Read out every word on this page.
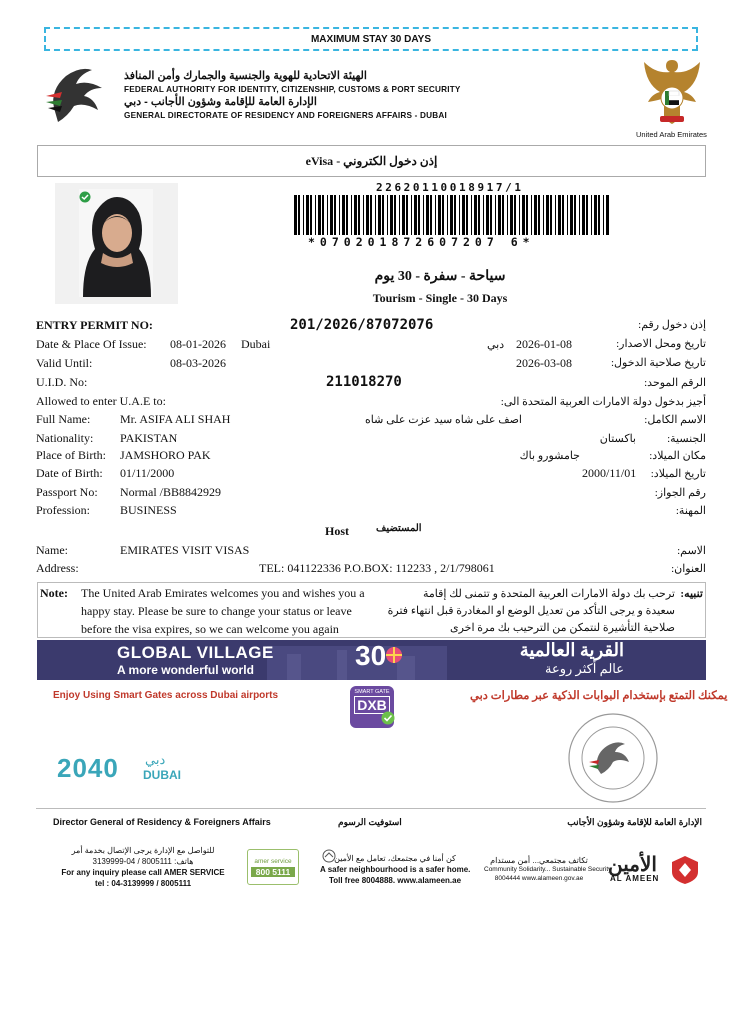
MAXIMUM STAY 30 DAYS
الهيئة الاتحادية للهوية والجنسية والجمارك وأمن المنافذ
FEDERAL AUTHORITY FOR IDENTITY, CITIZENSHIP, CUSTOMS & PORT SECURITY
الإدارة العامة للإقامة وشؤون الأجانب - دبي
GENERAL DIRECTORATE OF RESIDENCY AND FOREIGNERS AFFAIRS - DUBAI
United Arab Emirates
إذن دخول الكتروني - eVisa
22620110018917/1
*070201872607207 6*
سياحة - سفرة - 30 يوم
Tourism - Single - 30 Days
ENTRY PERMIT NO:	201/2026/87072076	إذن دخول رقم:
Date & Place Of Issue: 08-01-2026 Dubai	دبي 2026-01-08	تاريخ ومحل الاصدار:
Valid Until:	08-03-2026	2026-03-08	تاريخ صلاحية الدخول:
U.I.D. No:	211018270	الرقم الموحد:
Allowed to enter U.A.E to:	أجيز بدخول دولة الامارات العربية المتحدة الى:
Full Name: Mr. ASIFA ALI SHAH	اصف على شاه سيد عزت على شاه	الاسم الكامل:
Nationality: PAKISTAN	باكستان	الجنسية:
Place of Birth: JAMSHORO PAK	جامشورو باك	مكان الميلاد:
Date of Birth: 01/11/2000	2000/11/01 تاريخ الميلاد:
Passport No: Normal /BB8842929	رقم الجواز:
Profession:	BUSINESS	المهنة:
Host	المستضيف
Name:	EMIRATES VISIT VISAS	الاسم:
Address:	TEL: 041122336 P.O.BOX: 112233 , 2/1/798061	العنوان:
Note: The United Arab Emirates welcomes you and wishes you a
happy stay. Please be sure to change your status or leave
before the visa expires, so we can welcome you again
تنبيه:
ترحب بك دولة الامارات العربية المتحدة و تتمنى لك إقامة
سعيدة و يرجى التأكد من تعديل الوضع او المغادرة قبل انتهاء فترة
صلاحية التأشيرة لنتمكن من الترحيب بك مرة اخرى
GLOBAL VILLAGE
A more wonderful world	30	القرية العالمية
عالم أكثر روعة
Enjoy Using Smart Gates across Dubai airports	يمكنك التمتع بإستخدام البوابات الذكية عبر مطارات دبي
SMART GATE
DXB
2040 دبي
DUBAI
Director General of Residency & Foreigners Affairs	استوفيت الرسوم	الإدارة العامة للإقامة وشؤون الأجانب
للتواصل مع الإدارة يرجى الإتصال بخدمة أمر
هاتف: 8005111 / 04-3139999
For any inquiry please call AMER SERVICE
tel : 04-3139999 / 8005111
amer service
800 5111
كن أمنا في مجتمعك، تعامل مع الأمين
A safer neighbourhood is a safer home.
Toll free 8004888. www.alameen.ae
تكاتف مجتمعي... أمن مستدام
Community Solidarity... Sustainable Security
8004444 www.alameen.gov.ae
الأمين
AL AMEEN
